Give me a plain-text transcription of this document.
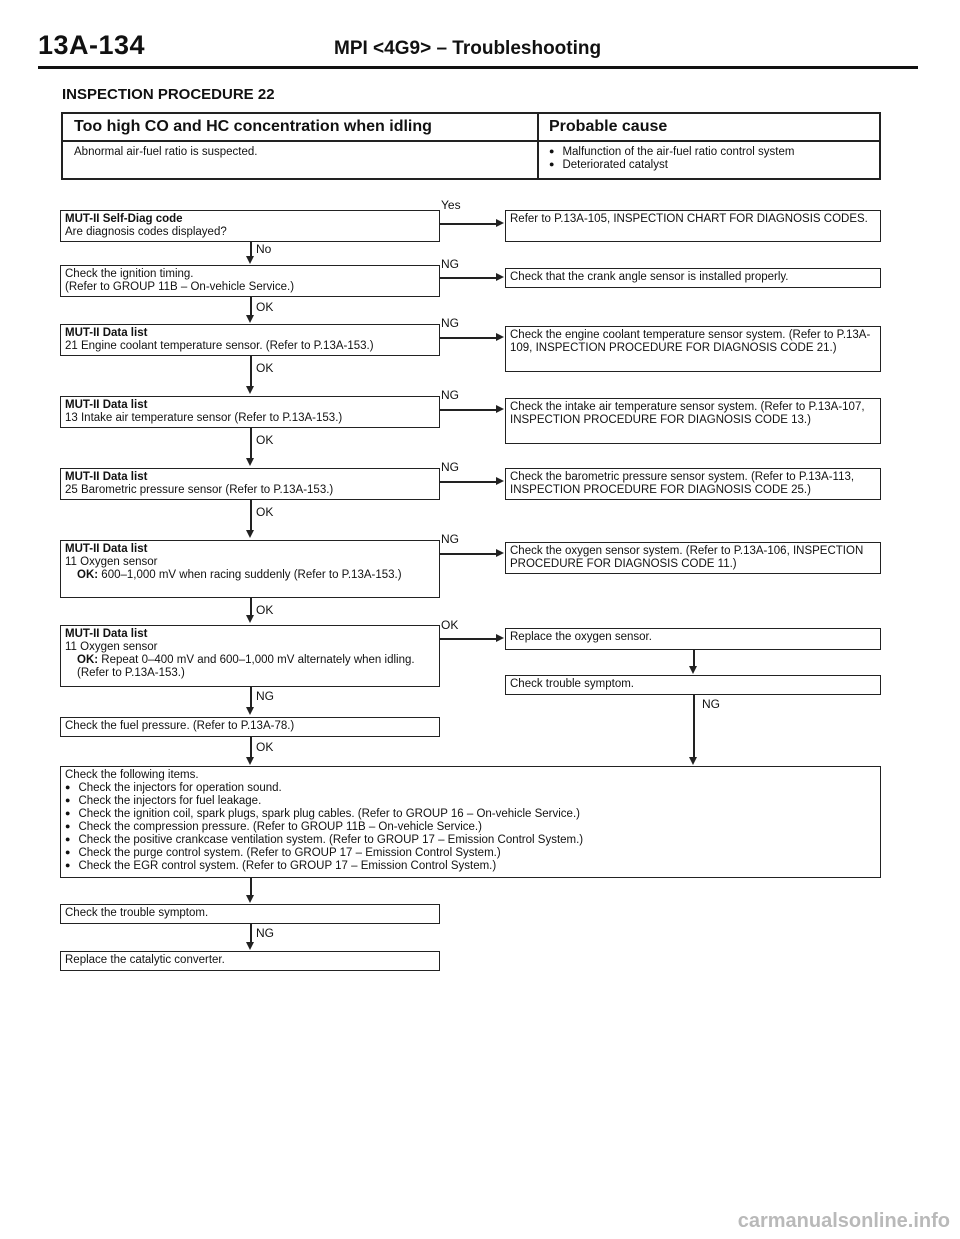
13A-134	MPI <4G9> – Troubleshooting
INSPECTION PROCEDURE 22
Too high CO and HC concentration when idling	Probable cause
Abnormal air-fuel ratio is suspected.
●	Malfunction of the air-fuel ratio control system
● Deteriorated catalyst
MUT-II Self-Diag code
Are diagnosis codes displayed?
Yes
Refer to P.13A-105, INSPECTION CHART FOR DIAGNOSIS CODES.
No
Check the ignition timing.
(Refer to GROUP 11B – On-vehicle Service.)
NG
Check that the crank angle sensor is installed properly.
OK
MUT-II Data list
21 Engine coolant temperature sensor. (Refer to P.13A-153.)
NG
Check the engine coolant temperature sensor system. (Refer to P.13A-109, INSPECTION PROCEDURE FOR DIAGNOSIS CODE 21.)
OK
MUT-II Data list
13 Intake air temperature sensor (Refer to P.13A-153.)
NG
Check the intake air temperature sensor system. (Refer to P.13A-107, INSPECTION PROCEDURE FOR DIAGNOSIS CODE 13.)
OK
MUT-II Data list
25 Barometric pressure sensor (Refer to P.13A-153.)
NG
Check the barometric pressure sensor system. (Refer to P.13A-113, INSPECTION PROCEDURE FOR DIAGNOSIS CODE 25.)
OK
MUT-II Data list
11 Oxygen sensor

OK: 600–1,000 mV when racing suddenly (Refer to P.13A-153.)
NG
Check the oxygen sensor system. (Refer to P.13A-106, INSPECTION PROCEDURE FOR DIAGNOSIS CODE 11.)
OK
MUT-II Data list
11 Oxygen sensor

OK: Repeat 0–400 mV and 600–1,000 mV alternately when idling. (Refer to P.13A-153.)
OK
Replace the oxygen sensor.
Check trouble symptom.
NG
NG
Check the fuel pressure. (Refer to P.13A-78.)
OK
Check the following items.
● Check the injectors for operation sound.
● Check the injectors for fuel leakage.
● Check the ignition coil, spark plugs, spark plug cables. (Refer to GROUP 16 – On-vehicle Service.)
● Check the compression pressure. (Refer to GROUP 11B – On-vehicle Service.)
● Check the positive crankcase ventilation system. (Refer to GROUP 17 – Emission Control System.)
● Check the purge control system. (Refer to GROUP 17 – Emission Control System.)
● Check the EGR control system. (Refer to GROUP 17 – Emission Control System.)
Check the trouble symptom.
NG
Replace the catalytic converter.
carmanualsonline.info
